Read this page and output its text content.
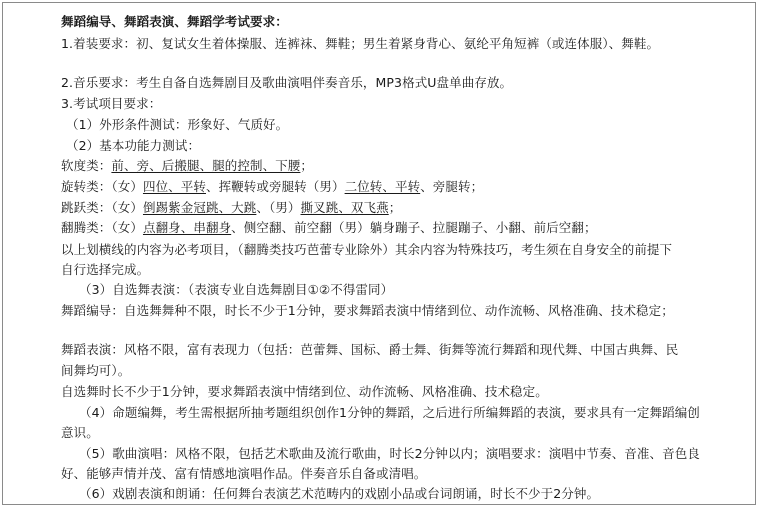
舞蹈编导、舞蹈表演、舞蹈学考试要求：
1.着装要求：初、复试女生着体操服、连裤袜、舞鞋；男生着紧身背心、氨纶平角短裤（或连体服）、舞鞋。
2.音乐要求：考生自备自选舞剧目及歌曲演唱伴奏音乐，MP3格式U盘单曲存放。
3.考试项目要求：
（1）外形条件测试：形象好、气质好。
（2）基本功能力测试：
软度类：前、旁、后搬腿、腿的控制、下腰；
旋转类：（女）四位、平转、挥鞭转或旁腿转（男）二位转、平转、旁腿转；
跳跃类：（女）倒踢紫金冠跳、大跳、（男）撕叉跳、双飞燕；
翻腾类：（女）点翻身、串翻身、侧空翻、前空翻（男）躺身蹦子、拉腿蹦子、小翻、前后空翻；
以上划横线的内容为必考项目，（翻腾类技巧芭蕾专业除外）其余内容为特殊技巧，考生须在自身安全的前提下
自行选择完成。
（3）自选舞表演：（表演专业自选舞剧目①②不得雷同）
舞蹈编导：自选舞舞种不限，时长不少于1分钟，要求舞蹈表演中情绪到位、动作流畅、风格准确、技术稳定；
舞蹈表演：风格不限，富有表现力（包括：芭蕾舞、国标、爵士舞、街舞等流行舞蹈和现代舞、中国古典舞、民
间舞均可）。
自选舞时长不少于1分钟，要求舞蹈表演中情绪到位、动作流畅、风格准确、技术稳定。
（4）命题编舞，考生需根据所抽考题组织创作1分钟的舞蹈，之后进行所编舞蹈的表演，要求具有一定舞蹈编创
意识。
（5）歌曲演唱：风格不限，包括艺术歌曲及流行歌曲，时长2分钟以内；演唱要求：演唱中节奏、音准、音色良
好、能够声情并茂、富有情感地演唱作品。伴奏音乐自备或清唱。
（6）戏剧表演和朗诵：任何舞台表演艺术范畴内的戏剧小品或台词朗诵，时长不少于2分钟。
